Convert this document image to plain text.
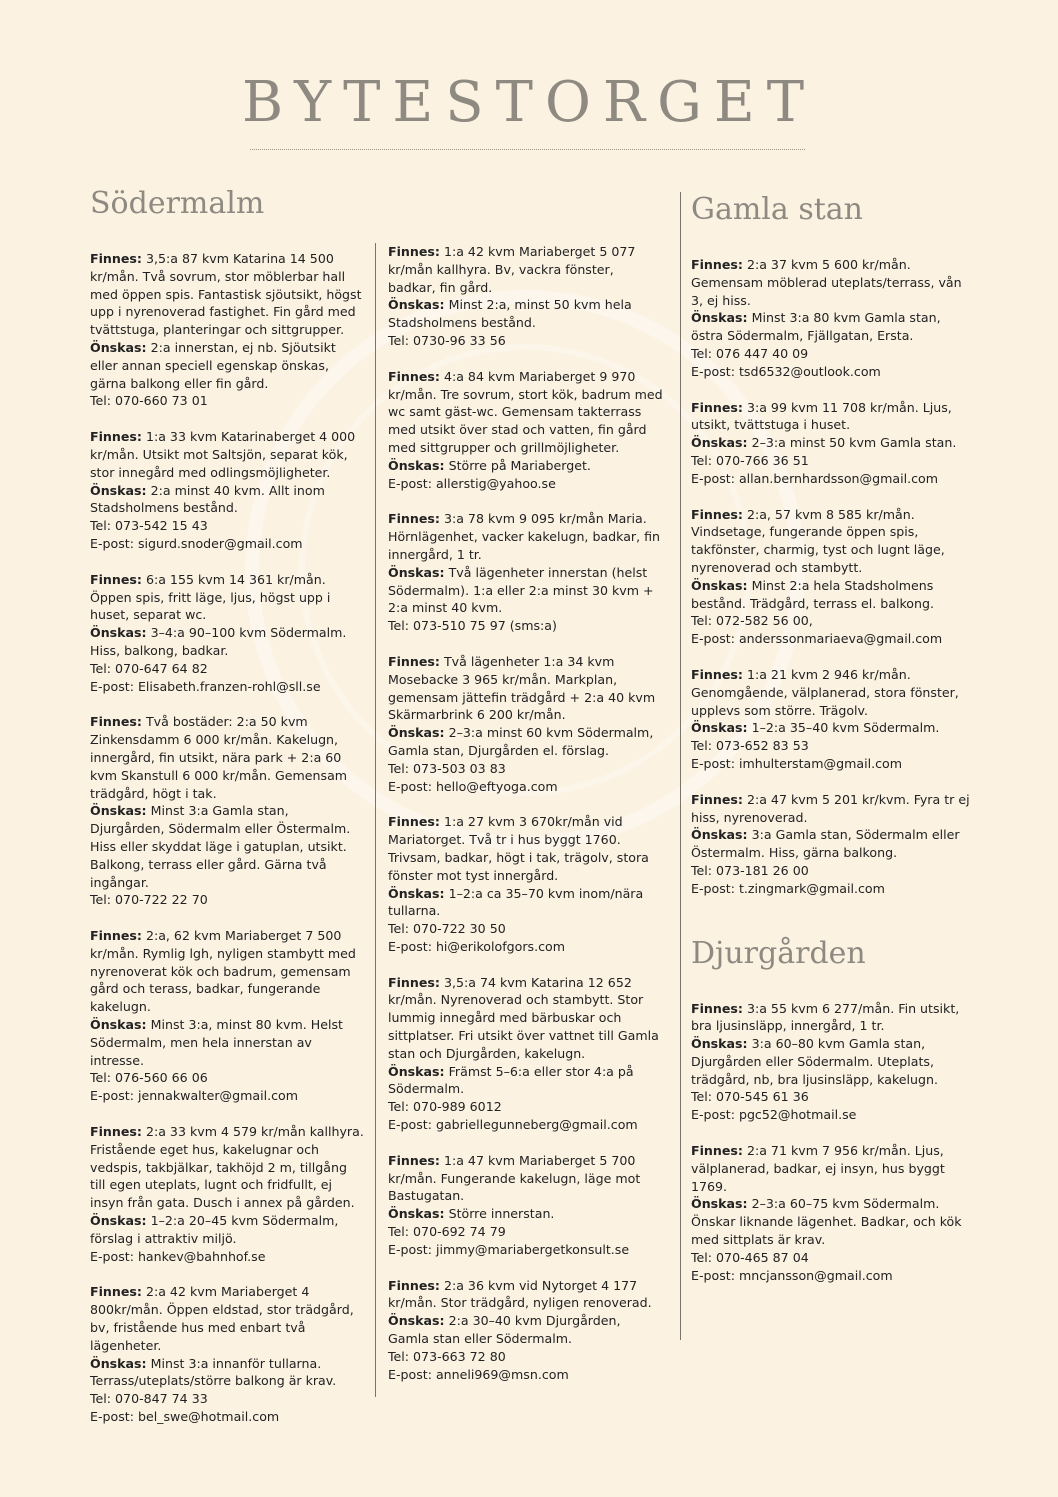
BYTESTORGET
Södermalm
Finnes: 3,5:a 87 kvm Katarina 14 500 kr/mån. Två sovrum, stor möblerbar hall med öppen spis. Fantastisk sjöutsikt, högst upp i nyrenoverad fastighet. Fin gård med tvättstuga, planteringar och sittgrupper.
Önskas: 2:a innerstan, ej nb. Sjöutsikt eller annan speciell egenskap önskas, gärna balkong eller fin gård.
Tel: 070-660 73 01
Finnes: 1:a 33 kvm Katarinaberget 4 000 kr/mån. Utsikt mot Saltsjön, separat kök, stor innegård med odlingsmöjligheter.
Önskas: 2:a minst 40 kvm. Allt inom Stadsholmens bestånd.
Tel: 073-542 15 43
E-post: sigurd.snoder@gmail.com
Finnes: 6:a 155 kvm 14 361 kr/mån. Öppen spis, fritt läge, ljus, högst upp i huset, separat wc.
Önskas: 3–4:a 90–100 kvm Södermalm. Hiss, balkong, badkar.
Tel: 070-647 64 82
E-post: Elisabeth.franzen-rohl@sll.se
Finnes: Två bostäder: 2:a 50 kvm Zinkensdamm 6 000 kr/mån. Kakelugn, innergård, fin utsikt, nära park + 2:a 60 kvm Skanstull 6 000 kr/mån. Gemensam trädgård, högt i tak.
Önskas: Minst 3:a Gamla stan, Djurgården, Södermalm eller Östermalm. Hiss eller skyddat läge i gatuplan, utsikt. Balkong, terrass eller gård. Gärna två ingångar.
Tel: 070-722 22 70
Finnes: 2:a, 62 kvm Mariaberget 7 500 kr/mån. Rymlig lgh, nyligen stambytt med nyrenoverat kök och badrum, gemensam gård och terass, badkar, fungerande kakelugn.
Önskas: Minst 3:a, minst 80 kvm. Helst Södermalm, men hela innerstan av intresse.
Tel: 076-560 66 06
E-post: jennakwalter@gmail.com
Finnes: 2:a 33 kvm 4 579 kr/mån kallhyra. Fristående eget hus, kakelugnar och vedspis, takbjälkar, takhöjd 2 m, tillgång till egen uteplats, lugnt och fridfullt, ej insyn från gata. Dusch i annex på gården.
Önskas: 1–2:a 20–45 kvm Södermalm, förslag i attraktiv miljö.
E-post: hankev@bahnhof.se
Finnes: 2:a 42 kvm Mariaberget 4 800kr/mån. Öppen eldstad, stor trädgård, bv, fristående hus med enbart två lägenheter.
Önskas: Minst 3:a innanför tullarna. Terrass/uteplats/större balkong är krav.
Tel: 070-847 74 33
E-post: bel_swe@hotmail.com
Finnes: 1:a 42 kvm Mariaberget 5 077 kr/mån kallhyra. Bv, vackra fönster, badkar, fin gård.
Önskas: Minst 2:a, minst 50 kvm hela Stadsholmens bestånd.
Tel: 0730-96 33 56
Finnes: 4:a 84 kvm Mariaberget 9 970 kr/mån. Tre sovrum, stort kök, badrum med wc samt gäst-wc. Gemensam takterrass med utsikt över stad och vatten, fin gård med sittgrupper och grillmöjligheter.
Önskas: Större på Mariaberget.
E-post: allerstig@yahoo.se
Finnes: 3:a 78 kvm 9 095 kr/mån Maria. Hörnlägenhet, vacker kakelugn, badkar, fin innergård, 1 tr.
Önskas: Två lägenheter innerstan (helst Södermalm). 1:a eller 2:a minst 30 kvm + 2:a minst 40 kvm.
Tel: 073-510 75 97 (sms:a)
Finnes: Två lägenheter 1:a 34 kvm Mosebacke 3 965 kr/mån. Markplan, gemensam jättefin trädgård + 2:a 40 kvm Skärmarbrink 6 200 kr/mån.
Önskas: 2–3:a minst 60 kvm Södermalm, Gamla stan, Djurgården el. förslag.
Tel: 073-503 03 83
E-post: hello@eftyoga.com
Finnes: 1:a 27 kvm 3 670kr/mån vid Mariatorget. Två tr i hus byggt 1760. Trivsam, badkar, högt i tak, trägolv, stora fönster mot tyst innergård.
Önskas: 1–2:a ca 35–70 kvm inom/nära tullarna.
Tel: 070-722 30 50
E-post: hi@erikolofgors.com
Finnes: 3,5:a 74 kvm Katarina 12 652 kr/mån. Nyrenoverad och stambytt. Stor lummig innegård med bärbuskar och sittplatser. Fri utsikt över vattnet till Gamla stan och Djurgården, kakelugn.
Önskas: Främst 5–6:a eller stor 4:a på Södermalm.
Tel: 070-989 6012
E-post: gabriellegunneberg@gmail.com
Finnes: 1:a 47 kvm Mariaberget 5 700 kr/mån. Fungerande kakelugn, läge mot Bastugatan.
Önskas: Större innerstan.
Tel: 070-692 74 79
E-post: jimmy@mariabergetkonsult.se
Finnes: 2:a 36 kvm vid Nytorget 4 177 kr/mån. Stor trädgård, nyligen renoverad.
Önskas: 2:a 30–40 kvm Djurgården, Gamla stan eller Södermalm.
Tel: 073-663 72 80
E-post: anneli969@msn.com
Gamla stan
Finnes: 2:a 37 kvm 5 600 kr/mån. Gemensam möblerad uteplats/terrass, vån 3, ej hiss.
Önskas: Minst 3:a 80 kvm Gamla stan, östra Södermalm, Fjällgatan, Ersta.
Tel: 076 447 40 09
E-post: tsd6532@outlook.com
Finnes: 3:a 99 kvm 11 708 kr/mån. Ljus, utsikt, tvättstuga i huset.
Önskas: 2–3:a minst 50 kvm Gamla stan.
Tel: 070-766 36 51
E-post: allan.bernhardsson@gmail.com
Finnes: 2:a, 57 kvm 8 585 kr/mån. Vindsetage, fungerande öppen spis, takfönster, charmig, tyst och lugnt läge, nyrenoverad och stambytt.
Önskas: Minst 2:a hela Stadsholmens bestånd. Trädgård, terrass el. balkong.
Tel: 072-582 56 00,
E-post: anderssonmariaeva@gmail.com
Finnes: 1:a 21 kvm 2 946 kr/mån. Genomgående, välplanerad, stora fönster, upplevs som större. Trägolv.
Önskas: 1–2:a 35–40 kvm Södermalm.
Tel: 073-652 83 53
E-post: imhulterstam@gmail.com
Finnes: 2:a 47 kvm 5 201 kr/kvm. Fyra tr ej hiss, nyrenoverad.
Önskas: 3:a Gamla stan, Södermalm eller Östermalm. Hiss, gärna balkong.
Tel: 073-181 26 00
E-post: t.zingmark@gmail.com
Djurgården
Finnes: 3:a 55 kvm 6 277/mån. Fin utsikt, bra ljusinsläpp, innergård, 1 tr.
Önskas: 3:a 60–80 kvm Gamla stan, Djurgården eller Södermalm. Uteplats, trädgård, nb, bra ljusinsläpp, kakelugn.
Tel: 070-545 61 36
E-post: pgc52@hotmail.se
Finnes: 2:a 71 kvm 7 956 kr/mån. Ljus, välplanerad, badkar, ej insyn, hus byggt 1769.
Önskas: 2–3:a 60–75 kvm Södermalm. Önskar liknande lägenhet. Badkar, och kök med sittplats är krav.
Tel: 070-465 87 04
E-post: mncjansson@gmail.com
